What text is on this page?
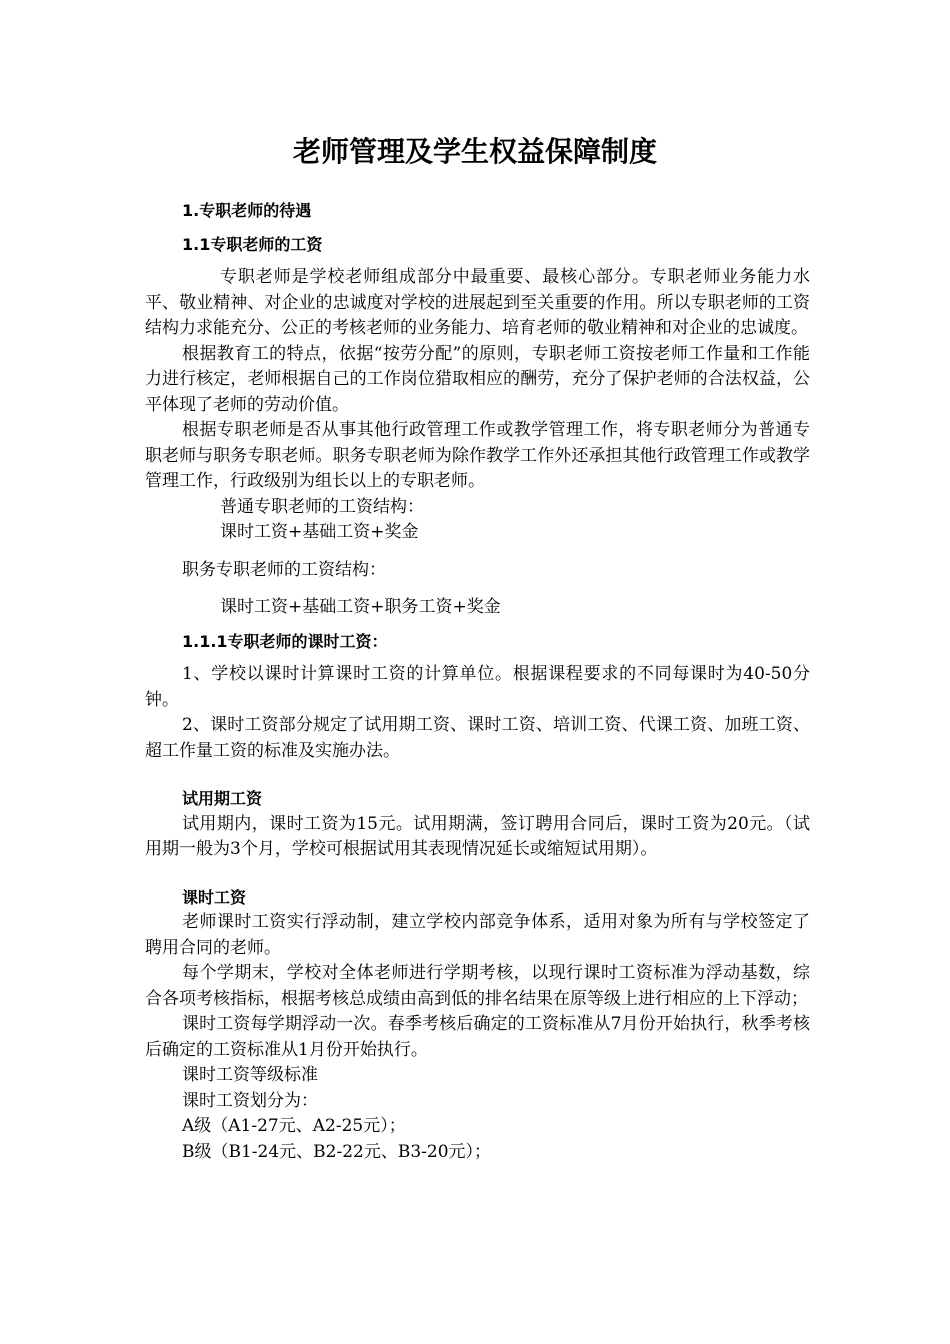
老师管理及学生权益保障制度
1.专职老师的待遇
1.1专职老师的工资
专职老师是学校老师组成部分中最重要、最核心部分。专职老师业务能力水平、敬业精神、对企业的忠诚度对学校的进展起到至关重要的作用。所以专职老师的工资结构力求能充分、公正的考核老师的业务能力、培育老师的敬业精神和对企业的忠诚度。
根据教育工的特点，依据“按劳分配”的原则，专职老师工资按老师工作量和工作能力进行核定，老师根据自己的工作岗位猎取相应的酬劳，充分了保护老师的合法权益，公平体现了老师的劳动价值。
根据专职老师是否从事其他行政管理工作或教学管理工作，将专职老师分为普通专职老师与职务专职老师。职务专职老师为除作教学工作外还承担其他行政管理工作或教学管理工作，行政级别为组长以上的专职老师。
普通专职老师的工资结构：
课时工资+基础工资+奖金
职务专职老师的工资结构：
课时工资+基础工资+职务工资+奖金
1.1.1专职老师的课时工资：
1、学校以课时计算课时工资的计算单位。根据课程要求的不同每课时为40-50分钟。
2、课时工资部分规定了试用期工资、课时工资、培训工资、代课工资、加班工资、超工作量工资的标准及实施办法。
试用期工资
试用期内，课时工资为15元。试用期满，签订聘用合同后，课时工资为20元。（试用期一般为3个月，学校可根据试用其表现情况延长或缩短试用期）。
课时工资
老师课时工资实行浮动制，建立学校内部竞争体系，适用对象为所有与学校签定了聘用合同的老师。
每个学期末，学校对全体老师进行学期考核，以现行课时工资标准为浮动基数，综合各项考核指标，根据考核总成绩由高到低的排名结果在原等级上进行相应的上下浮动；
课时工资每学期浮动一次。春季考核后确定的工资标准从7月份开始执行，秋季考核后确定的工资标准从1月份开始执行。
课时工资等级标准
课时工资划分为：
A级（A1-27元、A2-25元）；
B级（B1-24元、B2-22元、B3-20元）；
